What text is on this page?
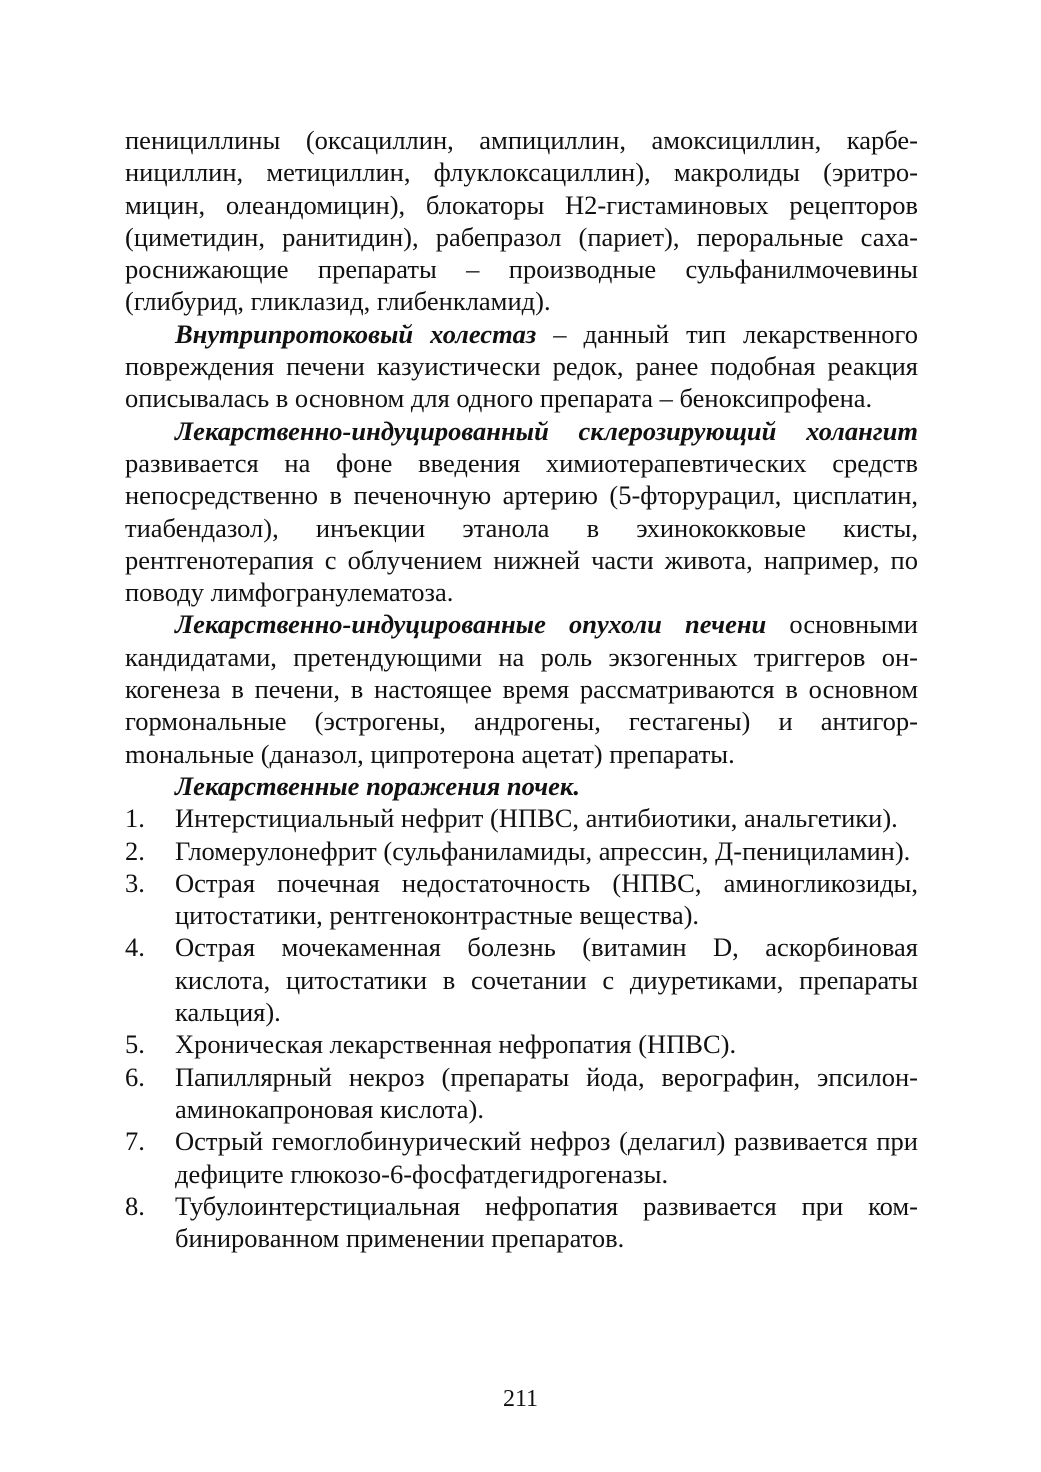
пенициллины (оксациллин, ампициллин, амоксициллин, карбенициллин, метициллин, флуклоксациллин), макролиды (эритромицин, олеандомицин), блокаторы Н2-гистаминовых рецепторов (циметидин, ранитидин), рабепразол (париет), пероральные сахароснижающие препараты – производные сульфанилмочевины (глибурид, гликлазид, глибенкламид).

Внутрипротоковый холестаз – данный тип лекарственного повреждения печени казуистически редок, ранее подобная реакция описывалась в основном для одного препарата – беноксипрофена.

Лекарственно-индуцированный склерозирующий холангит развивается на фоне введения химиотерапевтических средств непосредственно в печеночную артерию (5-фторурацил, цисплатин, тиабендазол), инъекции этанола в эхинококковые кисты, рентгенотерапия с облучением нижней части живота, например, по поводу лимфогранулематоза.

Лекарственно-индуцированные опухоли печени основными кандидатами, претендующими на роль экзогенных триггеров онкогенеза в печени, в настоящее время рассматриваются в основном гормональные (эстрогены, андрогены, гестагены) и антигорmональные (даназол, ципротерона ацетат) препараты.

Лекарственные поражения почек.

1. Интерстициальный нефрит (НПВС, антибиотики, анальгетики).
2. Гломерулонефрит (сульфаниламиды, апрессин, Д-пенициламин).
3. Острая почечная недостаточность (НПВС, аминогликозиды, цитостатики, рентгеноконтрастные вещества).
4. Острая мочекаменная болезнь (витамин D, аскорбиновая кислота, цитостатики в сочетании с диуретиками, препараты кальция).
5. Хроническая лекарственная нефропатия (НПВС).
6. Папиллярный некроз (препараты йода, верографин, эпсилон-аминокапроновая кислота).
7. Острый гемоглобинурический нефроз (делагил) развивается при дефиците глюкозо-6-фосфатдегидрогеназы.
8. Тубулоинтерстициальная нефропатия развивается при комбинированном применении препаратов.
211
